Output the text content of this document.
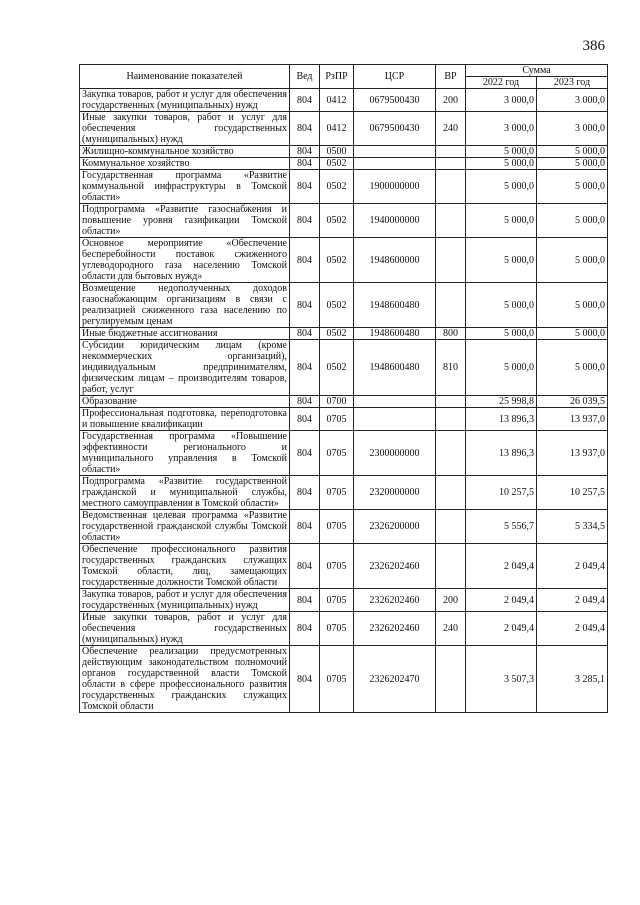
386
Наименование показателей	Вед	РзПР	ЦСР	ВР	Сумма	
					2022 год	2023 год
Закупка товаров, работ и услуг для обеспечения государственных (муниципальных) нужд	804	0412	0679500430	200	3 000,0	3 000,0
Иные закупки товаров, работ и услуг для обеспечения государственных (муниципальных) нужд	804	0412	0679500430	240	3 000,0	3 000,0
Жилищно-коммунальное хозяйство	804	0500			5 000,0	5 000,0
Коммунальное хозяйство	804	0502			5 000,0	5 000,0
Государственная программа «Развитие коммунальной инфраструктуры в Томской области»	804	0502	1900000000		5 000,0	5 000,0
Подпрограмма «Развитие газоснабжения и повышение уровня газификации Томской области»	804	0502	1940000000		5 000,0	5 000,0
Основное мероприятие «Обеспечение бесперебойности поставок сжиженного углеводородного газа населению Томской области для бытовых нужд»	804	0502	1948600000		5 000,0	5 000,0
Возмещение недополученных доходов газоснабжающим организациям в связи с реализацией сжиженного газа населению по регулируемым ценам	804	0502	1948600480		5 000,0	5 000,0
Иные бюджетные ассигнования	804	0502	1948600480	800	5 000,0	5 000,0
Субсидии юридическим лицам (кроме некоммерческих организаций), индивидуальным предпринимателям, физическим лицам – производителям товаров, работ, услуг	804	0502	1948600480	810	5 000,0	5 000,0
Образование	804	0700			25 998,8	26 039,5
Профессиональная подготовка, переподготовка и повышение квалификации	804	0705			13 896,3	13 937,0
Государственная программа «Повышение эффективности регионального и муниципального управления в Томской области»	804	0705	2300000000		13 896,3	13 937,0
Подпрограмма «Развитие государственной гражданской и муниципальной службы, местного самоуправления в Томской области»	804	0705	2320000000		10 257,5	10 257,5
Ведомственная целевая программа «Развитие государственной гражданской службы Томской области»	804	0705	2326200000		5 556,7	5 334,5
Обеспечение профессионального развития государственных гражданских служащих Томской области, лиц, замещающих государственные должности Томской области	804	0705	2326202460		2 049,4	2 049,4
Закупка товаров, работ и услуг для обеспечения государственных (муниципальных) нужд	804	0705	2326202460	200	2 049,4	2 049,4
Иные закупки товаров, работ и услуг для обеспечения государственных (муниципальных) нужд	804	0705	2326202460	240	2 049,4	2 049,4
Обеспечение реализации предусмотренных действующим законодательством полномочий органов государственной власти Томской области в сфере профессионального развития государственных гражданских служащих Томской области	804	0705	2326202470		3 507,3	3 285,1
